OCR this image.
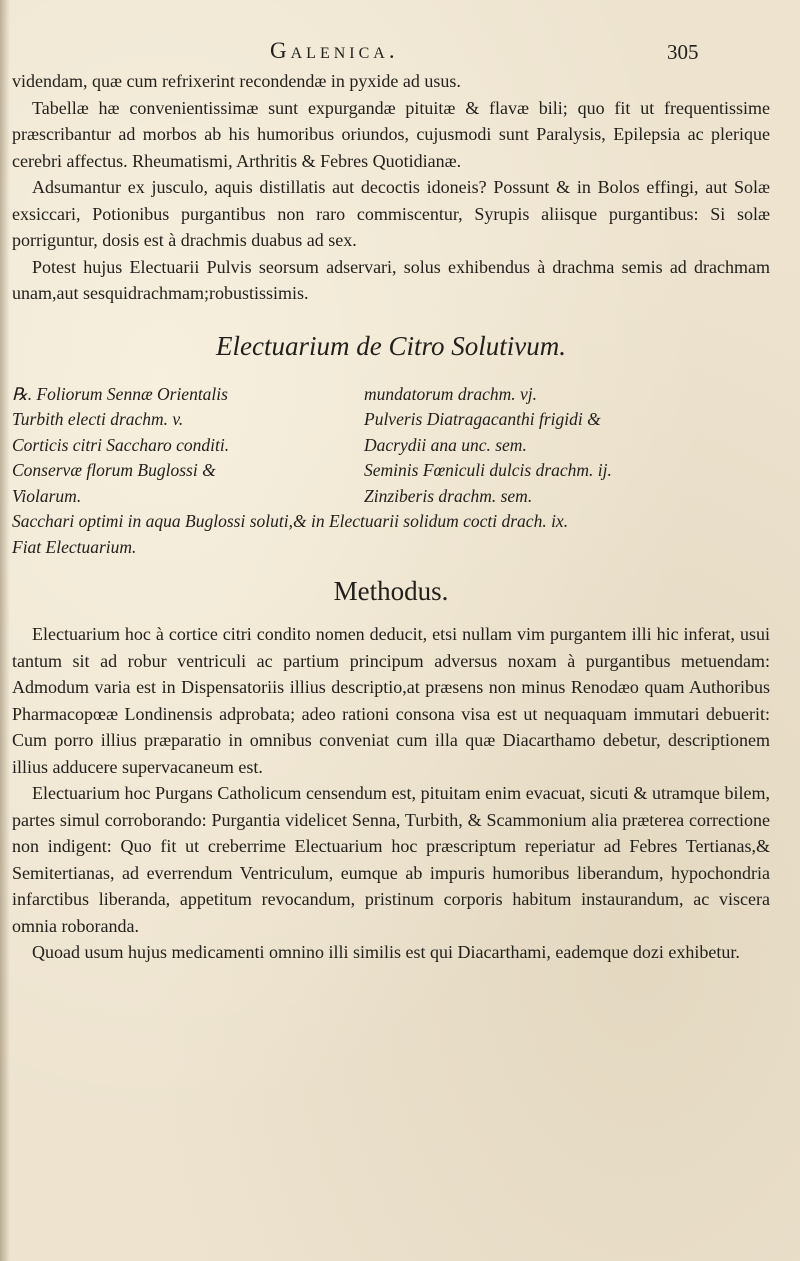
Galenica.	305

videndam, quæ cum refrixerint recondendæ in pyxide ad usus.

Tabellæ hæ convenientissimæ sunt expurgandæ pituitæ & flavæ bili; quo fit ut frequentissime præscribantur ad morbos ab his humoribus oriundos, cujusmodi sunt Paralysis, Epilepsia ac plerique cerebri affectus. Rheumatismi, Arthritis & Febres Quotidianæ.

Adsumantur ex jusculo, aquis distillatis aut decoctis idoneis? Possunt & in Bolos effingi, aut Solæ exsiccari, Potionibus purgantibus non raro commiscentur, Syrupis aliisque purgantibus: Si solæ porriguntur, dosis est à drachmis duabus ad sex.

Potest hujus Electuarii Pulvis seorsum adservari, solus exhibendus à drachma semis ad drachmam unam,aut sesquidrachmam;robustissimis.

Electuarium de Citro Solutivum.

℞. Foliorum Sennæ Orientalis	mundatorum drachm. vj.

Turbith electi drachm. v.	Pulveris Diatragacanthi frigidi &

Corticis citri Saccharo conditi.	Dacrydii ana unc. sem.

Conservæ florum Buglossi &	Seminis Fœniculi dulcis drachm. ij.

Violarum.	Zinziberis drachm. sem.

Sacchari optimi in aqua Buglossi soluti,& in Electuarii solidum cocti drach. ix.

Fiat Electuarium.

Methodus.

Electuarium hoc à cortice citri condito nomen deducit, etsi nullam vim purgantem illi hic inferat, usui tantum sit ad robur ventriculi ac partium principum adversus noxam à purgantibus metuendam: Admodum varia est in Dispensatoriis illius descriptio,at præsens non minus Renodæo quam Authoribus Pharmacopœæ Londinensis adprobata; adeo rationi consona visa est ut nequaquam immutari debuerit: Cum porro illius præparatio in omnibus conveniat cum illa quæ Diacarthamo debetur, descriptionem illius adducere supervacaneum est.

Electuarium hoc Purgans Catholicum censendum est, pituitam enim evacuat, sicuti & utramque bilem, partes simul corroborando: Purgantia videlicet Senna, Turbith, & Scammonium alia præterea correctione non indigent: Quo fit ut creberrime Electuarium hoc præscriptum reperiatur ad Febres Tertianas,& Semitertianas, ad everrendum Ventriculum, eumque ab impuris humoribus liberandum, hypochondria infarctibus liberanda, appetitum revocandum, pristinum corporis habitum instaurandum, ac viscera omnia roboranda.

Quoad usum hujus medicamenti omnino illi similis est qui Diacarthami, eademque dozi exhibetur.
